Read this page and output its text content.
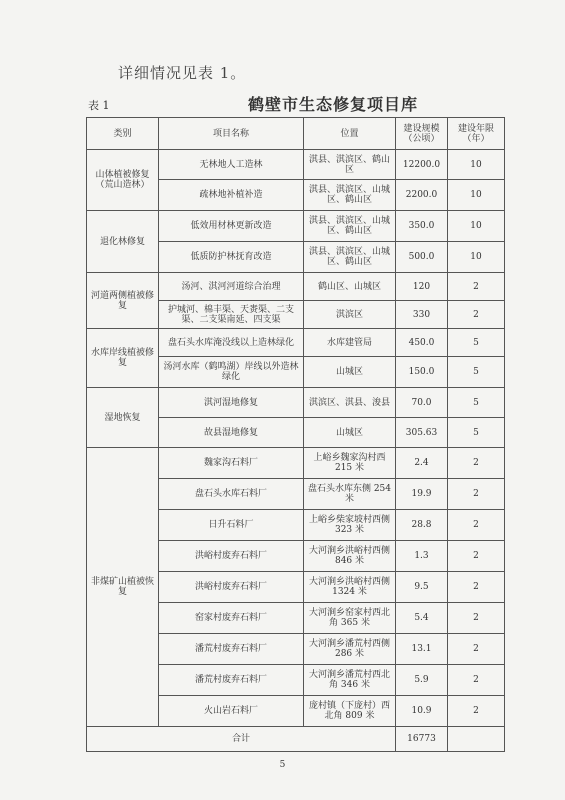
详细情况见表 1。
表 1	鹤壁市生态修复项目库
类别	项目名称	位置	建设规模（公顷）	建设年限（年）
山体植被修复（荒山造林）	无林地人工造林	淇县、淇滨区、鹤山区	12200.0	10
	疏林地补植补造	淇县、淇滨区、山城区、鹤山区	2200.0	10
退化林修复	低效用材林更新改造	淇县、淇滨区、山城区、鹤山区	350.0	10
	低质防护林抚育改造	淇县、淇滨区、山城区、鹤山区	500.0	10
河道两侧植被修复	汤河、淇河河道综合治理	鹤山区、山城区	120	2
	护城河、棉丰渠、天赉渠、二支渠、二支渠南延、四支渠	淇滨区	330	2
水库岸线植被修复	盘石头水库淹没线以上造林绿化	水库建管局	450.0	5
	汤河水库（鹤鸣湖）岸线以外造林绿化	山城区	150.0	5
湿地恢复	淇河湿地修复	淇滨区、淇县、浚县	70.0	5
	故县湿地修复	山城区	305.63	5
非煤矿山植被恢复	魏家沟石料厂	上峪乡魏家沟村西 215 米	2.4	2
	盘石头水库石料厂	盘石头水库东侧 254 米	19.9	2
	日升石料厂	上峪乡柴家坡村西侧 323 米	28.8	2
	洪峪村废弃石料厂	大河涧乡洪峪村西侧 846 米	1.3	2
	洪峪村废弃石料厂	大河涧乡洪峪村西侧 1324 米	9.5	2
	窑家村废弃石料厂	大河涧乡窑家村西北角 365 米	5.4	2
	潘荒村废弃石料厂	大河涧乡潘荒村西侧 286 米	13.1	2
	潘荒村废弃石料厂	大河涧乡潘荒村西北角 346 米	5.9	2
	火山岩石料厂	庞村镇（下庞村）西北角 809 米	10.9	2
合计			16773	
5
